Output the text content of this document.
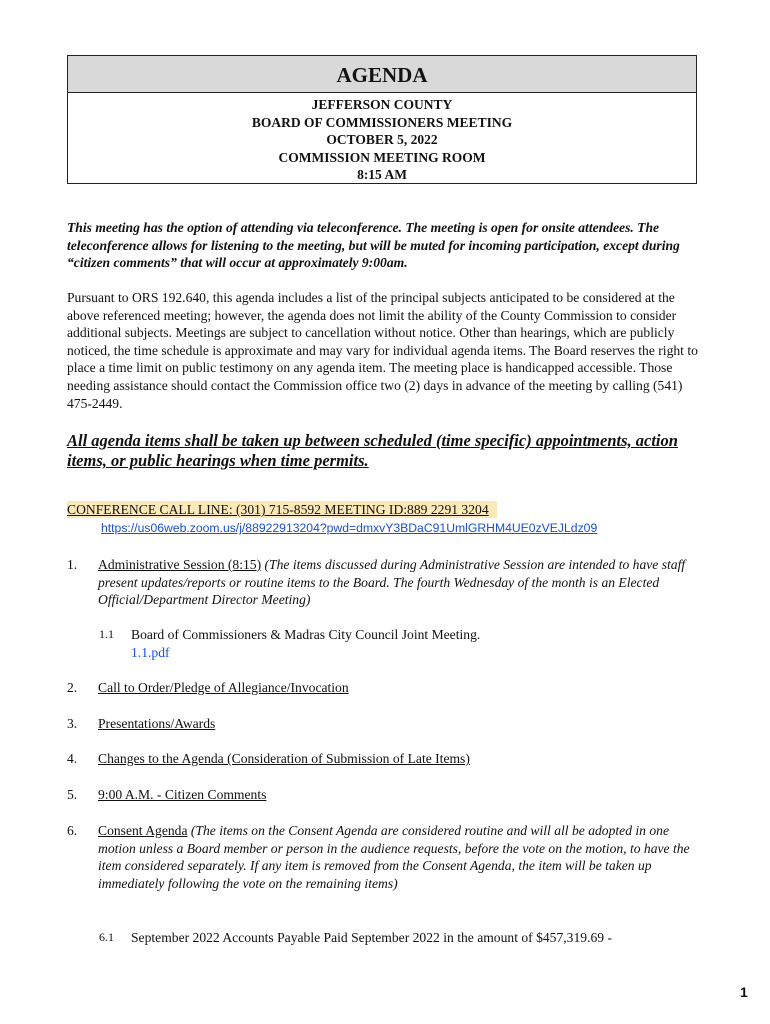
AGENDA
JEFFERSON COUNTY
BOARD OF COMMISSIONERS MEETING
OCTOBER 5, 2022
COMMISSION MEETING ROOM
8:15 AM
This meeting has the option of attending via teleconference. The meeting is open for onsite attendees. The teleconference allows for listening to the meeting, but will be muted for incoming participation, except during “citizen comments” that will occur at approximately 9:00am.
Pursuant to ORS 192.640, this agenda includes a list of the principal subjects anticipated to be considered at the above referenced meeting; however, the agenda does not limit the ability of the County Commission to consider additional subjects. Meetings are subject to cancellation without notice. Other than hearings, which are publicly noticed, the time schedule is approximate and may vary for individual agenda items. The Board reserves the right to place a time limit on public testimony on any agenda item. The meeting place is handicapped accessible. Those needing assistance should contact the Commission office two (2) days in advance of the meeting by calling (541) 475-2449.
All agenda items shall be taken up between scheduled (time specific) appointments, action items, or public hearings when time permits.
CONFERENCE CALL LINE: (301) 715-8592 MEETING ID:889 2291 3204
https://us06web.zoom.us/j/88922913204?pwd=dmxvY3BDaC91UmlGRHM4UE0zVEJLdz09
1. Administrative Session (8:15) (The items discussed during Administrative Session are intended to have staff present updates/reports or routine items to the Board. The fourth Wednesday of the month is an Elected Official/Department Director Meeting)
1.1 Board of Commissioners & Madras City Council Joint Meeting.
1.1.pdf
2. Call to Order/Pledge of Allegiance/Invocation
3. Presentations/Awards
4. Changes to the Agenda (Consideration of Submission of Late Items)
5. 9:00 A.M. - Citizen Comments
6. Consent Agenda (The items on the Consent Agenda are considered routine and will all be adopted in one motion unless a Board member or person in the audience requests, before the vote on the motion, to have the item considered separately. If any item is removed from the Consent Agenda, the item will be taken up
immediately following the vote on the remaining items)
6.1 September 2022 Accounts Payable Paid September 2022 in the amount of $457,319.69 -
1
